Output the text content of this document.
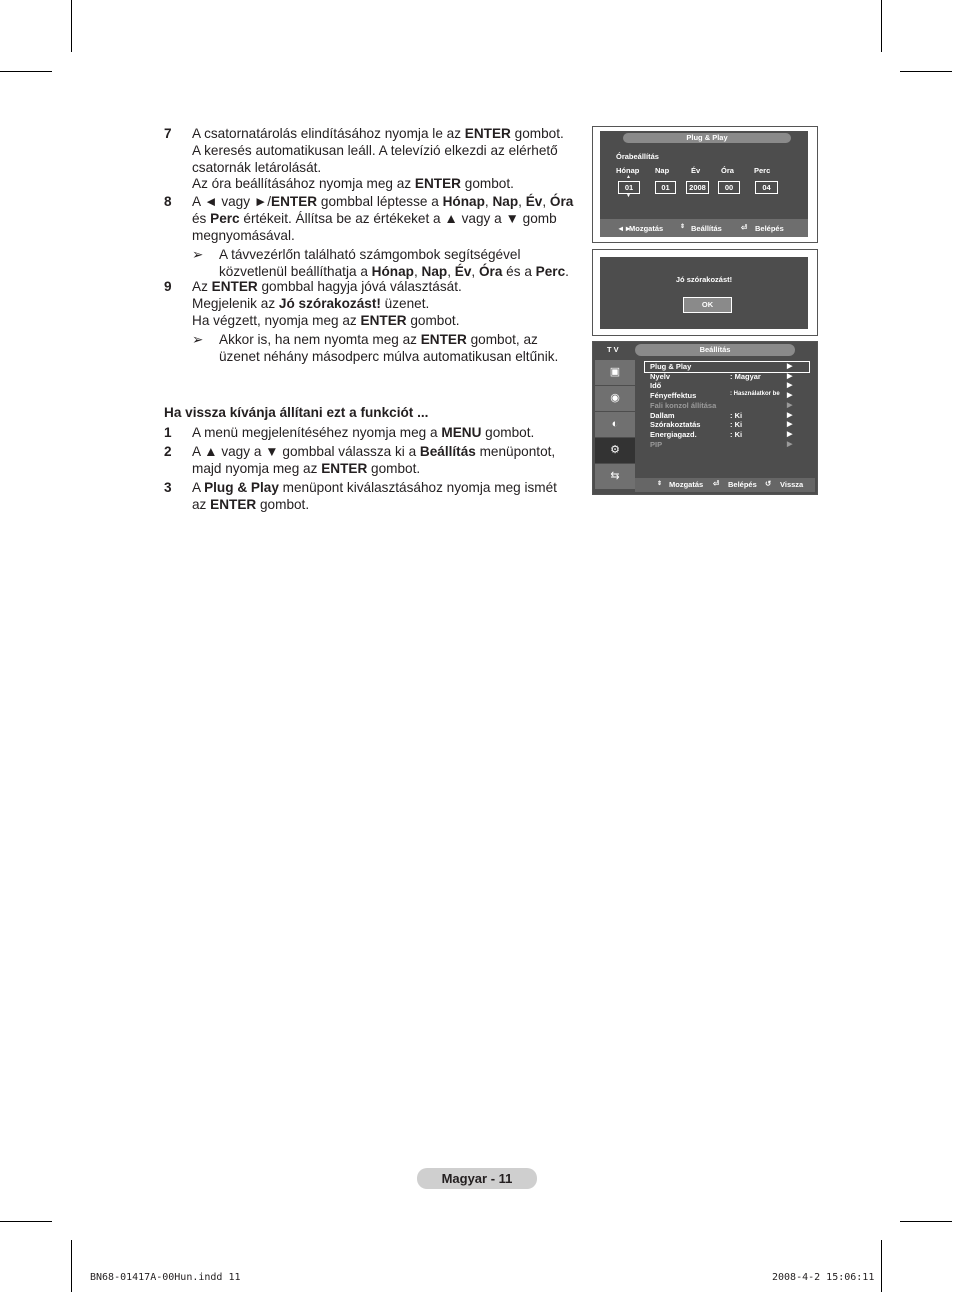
7 A csatornatárolás elindításához nyomja le az ENTER gombot.
A keresés automatikusan leáll. A televízió elkezdi az elérhető
csatornák letárolását.
Az óra beállításához nyomja meg az ENTER gombot.
8 A ◄ vagy ►/ENTER gombbal léptesse a Hónap, Nap, Év, Óra
és Perc értékeit. Állítsa be az értékeket a ▲ vagy a ▼ gomb
megnyomásával.
➢ A távvezérlőn található számgombok segítségével
közvetlenül beállíthatja a Hónap, Nap, Év, Óra és a Perc.
9 Az ENTER gombbal hagyja jóvá választását.
Megjelenik az Jó szórakozást! üzenet.
Ha végzett, nyomja meg az ENTER gombot.
➢ Akkor is, ha nem nyomta meg az ENTER gombot, az
üzenet néhány másodperc múlva automatikusan eltűnik.
1 A menü megjelenítéséhez nyomja meg a MENU gombot.
2 A ▲ vagy a ▼ gombbal válassza ki a Beállítás menüpontot,
majd nyomja meg az ENTER gombot.
3 A Plug & Play menüpont kiválasztásához nyomja meg ismét
az ENTER gombot.
Ha vissza kívánja állítani ezt a funkciót ...
Plug & Play
Órabeállítás
Hónap Nap	Év	Óra	Perc
▲
01	01	2008	00	04
▼
◄►
Mozgatás	⇕ Beállítás	⏎ Belépés
Jó szórakozást!
OK
T V	Beállítás
▣
◉
◐
⚙
⇆
Plug & Play	▶
Nyelv	: Magyar	▶
Idő	▶
Fényeffektus	: Használatkor be ▶
Fali konzol állítása	▶
Dallam	: Ki	▶
Szórakoztatás	: Ki	▶
Energiagazd.	: Ki	▶
PIP	▶
⇕ Mozgatás ⏎ Belépés ↺ Vissza
Magyar - 11
BN68-01417A-00Hun.indd 11	2008-4-2 15:06:11
